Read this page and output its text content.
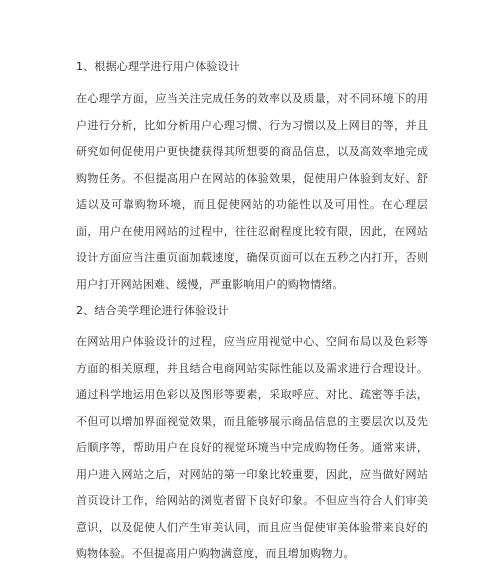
1、根据心理学进行用户体验设计
在心理学方面，应当关注完成任务的效率以及质量，对不同环境下的用户进行分析，比如分析用户心理习惯、行为习惯以及上网目的等，并且研究如何促使用户更快捷获得其所想要的商品信息，以及高效率地完成购物任务。不但提高用户在网站的体验效果，促使用户体验到友好、舒适以及可靠购物环境，而且促使网站的功能性以及可用性。在心理层面，用户在使用网站的过程中，往往忍耐程度比较有限，因此，在网站设计方面应当注重页面加载速度，确保页面可以在五秒之内打开，否则用户打开网站困难、缓慢，严重影响用户的购物情绪。
2、结合美学理论进行体验设计
在网站用户体验设计的过程，应当应用视觉中心、空间布局以及色彩等方面的相关原理，并且结合电商网站实际性能以及需求进行合理设计。通过科学地运用色彩以及图形等要素，采取呼应、对比、疏密等手法，不但可以增加界面视觉效果，而且能够展示商品信息的主要层次以及先后顺序等，帮助用户在良好的视觉环境当中完成购物任务。通常来讲，用户进入网站之后，对网站的第一印象比较重要，因此，应当做好网站首页设计工作，给网站的浏览者留下良好印象。不但应当符合人们审美意识，以及促使人们产生审美认同，而且应当促使审美体验带来良好的购物体验。不但提高用户购物满意度，而且增加购物力。
